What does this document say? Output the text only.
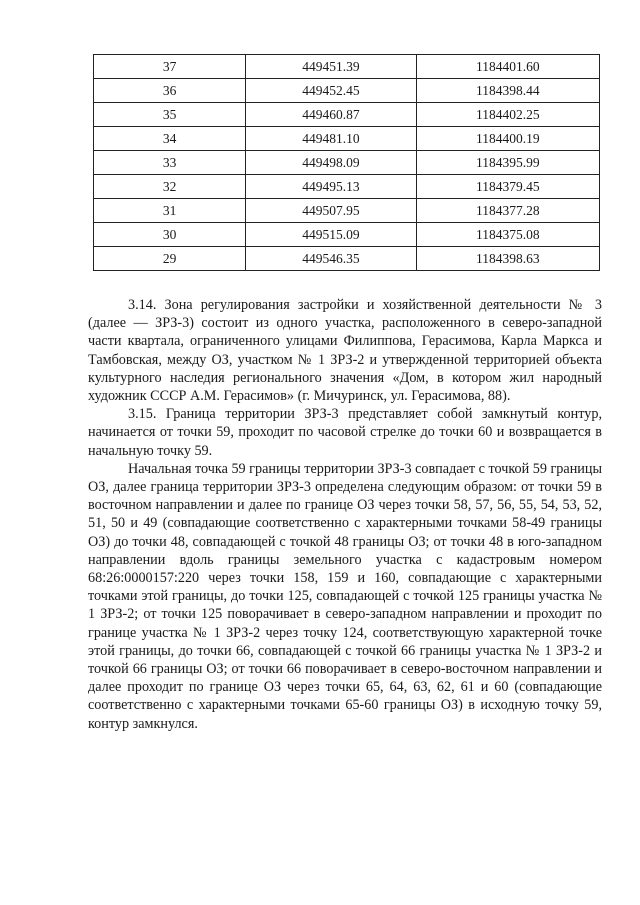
37	449451.39	1184401.60
36	449452.45	1184398.44
35	449460.87	1184402.25
34	449481.10	1184400.19
33	449498.09	1184395.99
32	449495.13	1184379.45
31	449507.95	1184377.28
30	449515.09	1184375.08
29	449546.35	1184398.63

3.14. Зона регулирования застройки и хозяйственной деятельности № 3 (далее — ЗРЗ-3) состоит из одного участка, расположенного в северо-западной части квартала, ограниченного улицами Филиппова, Герасимова, Карла Маркса и Тамбовская, между ОЗ, участком № 1 ЗРЗ-2 и утвержденной территорией объекта культурного наследия регионального значения «Дом, в котором жил народный художник СССР А.М. Герасимов» (г. Мичуринск, ул. Герасимова, 88).

3.15. Граница территории ЗРЗ-3 представляет собой замкнутый контур, начинается от точки 59, проходит по часовой стрелке до точки 60 и возвращается в начальную точку 59.

Начальная точка 59 границы территории ЗРЗ-3 совпадает с точкой 59 границы ОЗ, далее граница территории ЗРЗ-3 определена следующим образом: от точки 59 в восточном направлении и далее по границе ОЗ через точки 58, 57, 56, 55, 54, 53, 52, 51, 50 и 49 (совпадающие соответственно с характерными точками 58-49 границы ОЗ) до точки 48, совпадающей с точкой 48 границы ОЗ; от точки 48 в юго-западном направлении вдоль границы земельного участка с кадастровым номером 68:26:0000157:220 через точки 158, 159 и 160, совпадающие с характерными точками этой границы, до точки 125, совпадающей с точкой 125 границы участка № 1 ЗРЗ-2; от точки 125 поворачивает в северо-западном направлении и проходит по границе участка № 1 ЗРЗ-2 через точку 124, соответствующую характерной точке этой границы, до точки 66, совпадающей с точкой 66 границы участка № 1 ЗРЗ-2 и точкой 66 границы ОЗ; от точки 66 поворачивает в северо-восточном направлении и далее проходит по границе ОЗ через точки 65, 64, 63, 62, 61 и 60 (совпадающие соответственно с характерными точками 65-60 границы ОЗ) в исходную точку 59, контур замкнулся.
